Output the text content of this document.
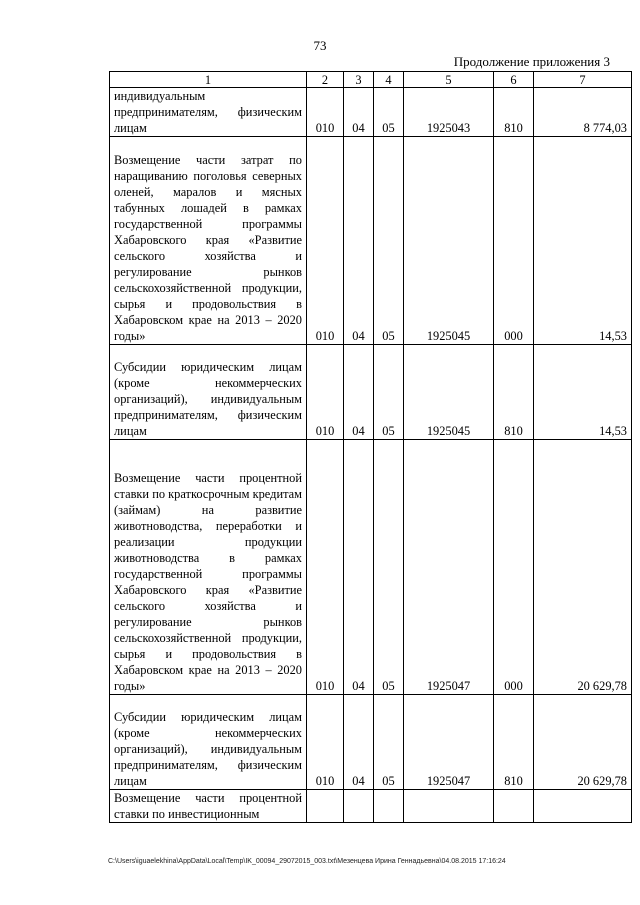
73
Продолжение приложения 3
1	2	3	4	5	6	7
индивидуальным предпринимателям, физическим лицам	010	04	05	1925043	810	8 774,03
Возмещение части затрат по наращиванию поголовья северных оленей, маралов и мясных табунных лошадей в рамках государственной программы Хабаровского края «Развитие сельского хозяйства и регулирование рынков сельскохозяйственной продукции, сырья и продовольствия в Хабаровском крае на 2013 – 2020 годы»	010	04	05	1925045	000	14,53
Субсидии юридическим лицам (кроме некоммерческих организаций), индивидуальным предпринимателям, физическим лицам	010	04	05	1925045	810	14,53
Возмещение части процентной ставки по краткосрочным кредитам (займам) на развитие животноводства, переработки и реализации продукции животноводства в рамках государственной программы Хабаровского края «Развитие сельского хозяйства и регулирование рынков сельскохозяйственной продукции, сырья и продовольствия в Хабаровском крае на 2013 – 2020 годы»	010	04	05	1925047	000	20 629,78
Субсидии юридическим лицам (кроме некоммерческих организаций), индивидуальным предпринимателям, физическим лицам	010	04	05	1925047	810	20 629,78
Возмещение части процентной ставки по инвестиционным						
C:\Users\iguaelekhina\AppData\Local\Temp\IK_00094_29072015_003.txt\Мезенцева Ирина Геннадьевна\04.08.2015 17:16:24
